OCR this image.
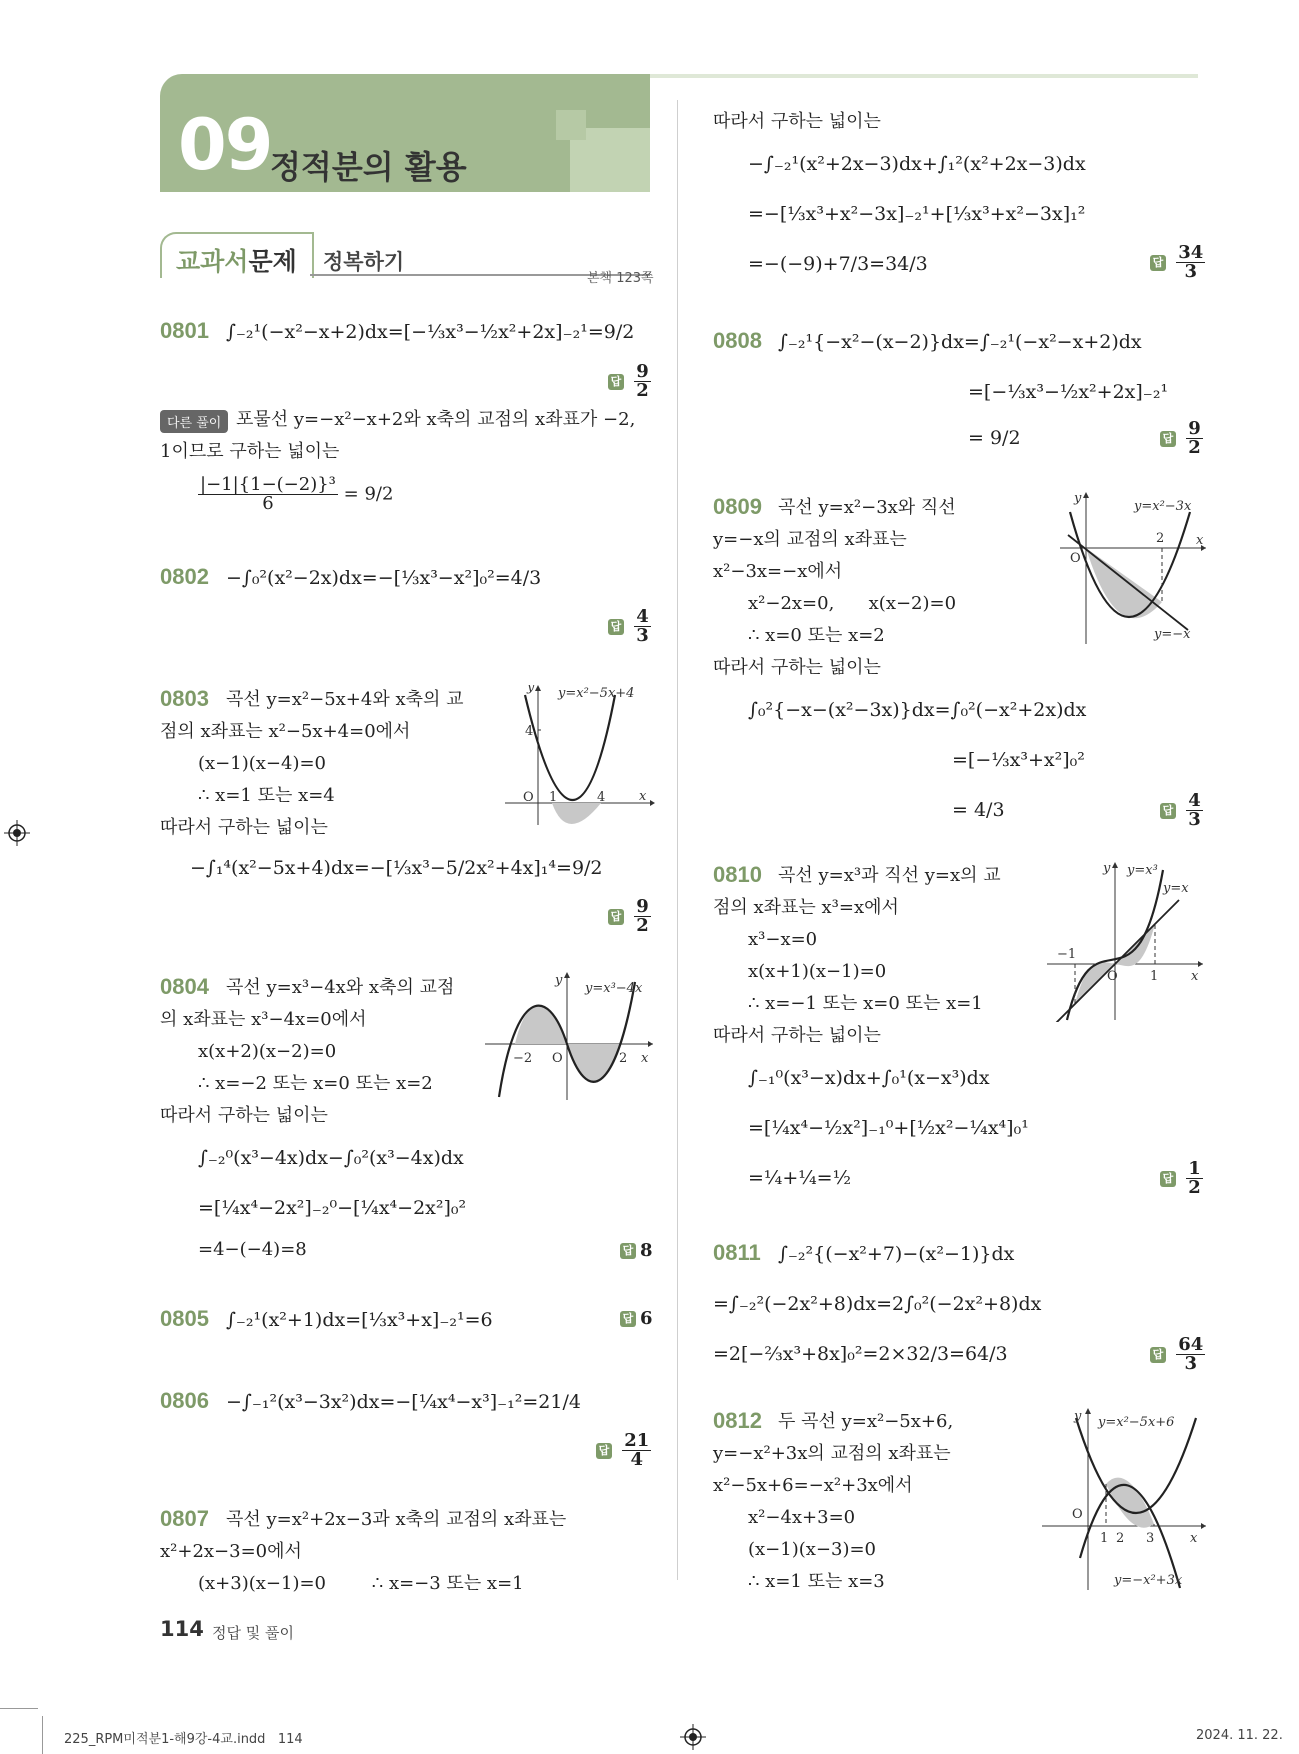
09
정적분의 활용
교과서문제 정복하기
본책 123쪽
0801 ∫₋₂¹(−x²−x+2)dx=[−⅓x³−½x²+2x]₋₂¹=9/2
답 $\frac{9}{2}$
다른 풀이 포물선 y=−x²−x+2와 x축의 교점의 x좌표가 −2,
1이므로 구하는 넓이는
$\frac{\text{|−1|\{1−(−2)\}³}}{6} = 9/2$
0802 −∫₀²(x²−2x)dx=−[⅓x³−x²]₀²=4/3
답 $\frac{4}{3}$
0803 곡선 y=x²−5x+4와 x축의 교
점의 x좌표는 x²−5x+4=0에서
(x−1)(x−4)=0
∴ x=1 또는 x=4
따라서 구하는 넓이는
−∫₁⁴(x²−5x+4)dx=−[⅓x³−5/2x²+4x]₁⁴=9/2
y
4
O 1	4	x
y=x²−5x+4
답 $\frac{9}{2}$
0804 곡선 y=x³−4x와 x축의 교점
의 x좌표는 x³−4x=0에서
x(x+2)(x−2)=0
∴ x=−2 또는 x=0 또는 x=2
따라서 구하는 넓이는
∫₋₂⁰(x³−4x)dx−∫₀²(x³−4x)dx
=[¼x⁴−2x²]₋₂⁰−[¼x⁴−2x²]₀²
=4−(−4)=8	답 8
y
−2 O	2 x
y=x³−4x
0805 ∫₋₂¹(x²+1)dx=[⅓x³+x]₋₂¹=6	답 6
0806 −∫₋₁²(x³−3x²)dx=−[¼x⁴−x³]₋₁²=21/4
답 $\frac{21}{4}$
0807 곡선 y=x²+2x−3과 x축의 교점의 x좌표는
x²+2x−3=0에서
(x+3)(x−1)=0        ∴ x=−3 또는 x=1
따라서 구하는 넓이는
−∫₋₂¹(x²+2x−3)dx+∫₁²(x²+2x−3)dx
=−[⅓x³+x²−3x]₋₂¹+[⅓x³+x²−3x]₁²
=−(−9)+7/3=34/3	답 $\frac{34}{3}$
0808 ∫₋₂¹{−x²−(x−2)}dx=∫₋₂¹(−x²−x+2)dx
=[−⅓x³−½x²+2x]₋₂¹
= 9/2	답 $\frac{9}{2}$
0809 곡선 y=x²−3x와 직선
y=−x의 교점의 x좌표는
x²−3x=−x에서
x²−2x=0,      x(x−2)=0
∴ x=0 또는 x=2
따라서 구하는 넓이는
∫₀²{−x−(x²−3x)}dx=∫₀²(−x²+2x)dx
=[−⅓x³+x²]₀²
= 4/3	답 $\frac{4}{3}$
y
O
2 x
y=x²−3x
y=−x
0810 곡선 y=x³과 직선 y=x의 교
점의 x좌표는 x³=x에서
x³−x=0
x(x+1)(x−1)=0
∴ x=−1 또는 x=0 또는 x=1
따라서 구하는 넓이는
∫₋₁⁰(x³−x)dx+∫₀¹(x−x³)dx
=[¼x⁴−½x²]₋₁⁰+[½x²−¼x⁴]₀¹
=¼+¼=½	답 $\frac{1}{2}$
y
−1
O 1	x
y=x³
y=x
0811 ∫₋₂²{(−x²+7)−(x²−1)}dx
=∫₋₂²(−2x²+8)dx=2∫₀²(−2x²+8)dx
=2[−⅔x³+8x]₀²=2×32/3=64/3	답 $\frac{64}{3}$
0812 두 곡선 y=x²−5x+6,
y=−x²+3x의 교점의 x좌표는
x²−5x+6=−x²+3x에서
x²−4x+3=0
(x−1)(x−3)=0
∴ x=1 또는 x=3
y
O
1 2 3	x
y=x²−5x+6
y=−x²+3x
114 정답 및 풀이
225_RPM미적분1-해9강-4교.indd   114	2024. 11. 22.
